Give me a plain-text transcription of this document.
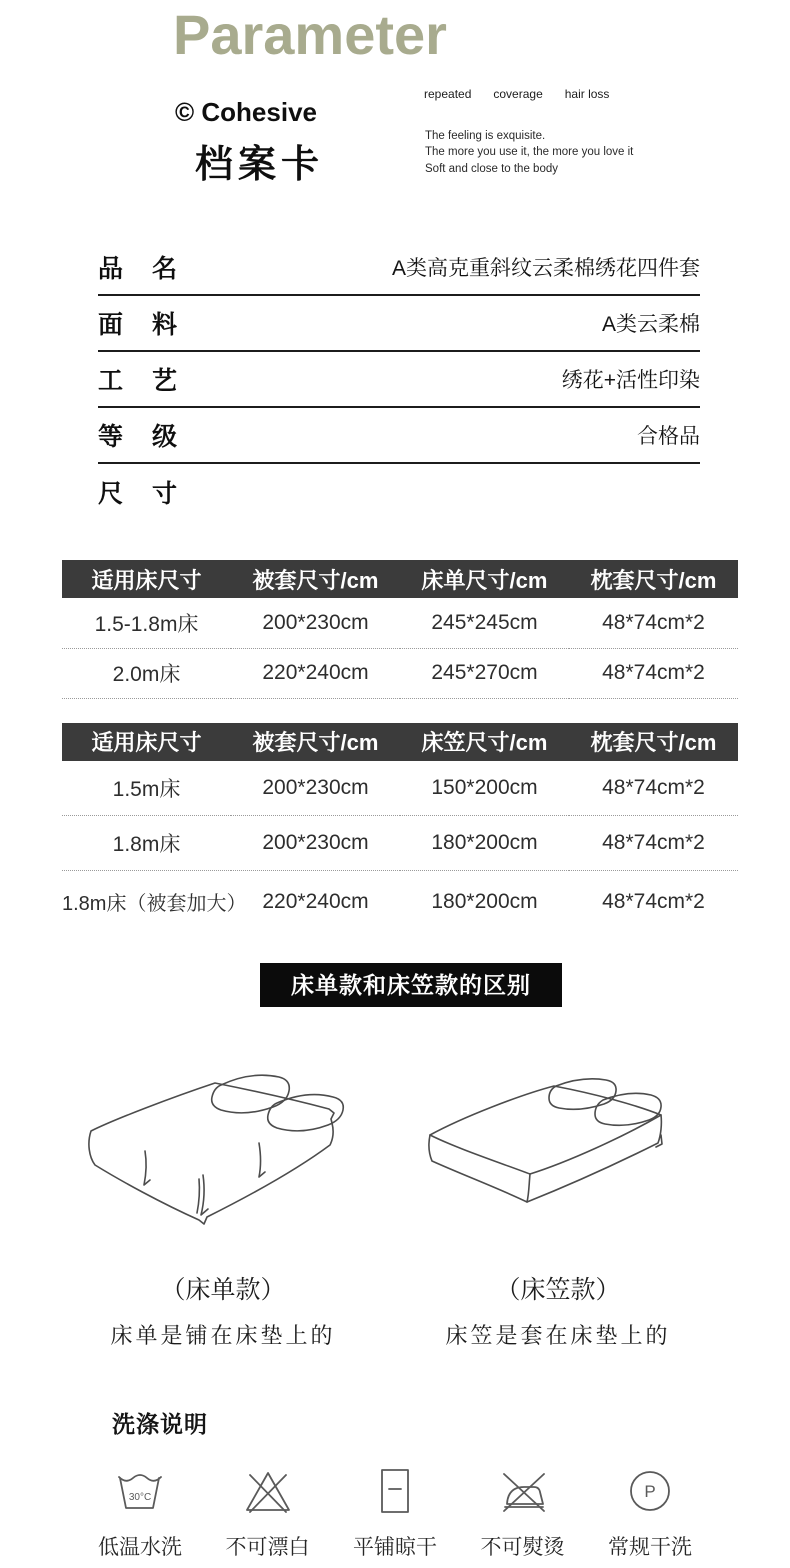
Parameter
© Cohesive
档案卡
repeated coverage hair loss
The feeling is exquisite.
The more you use it, the more you love it
Soft and close to the body
品 名	A类高克重斜纹云柔棉绣花四件套
面 料	A类云柔棉
工 艺	绣花+活性印染
等 级	合格品
尺 寸
适用床尺寸	被套尺寸/cm	床单尺寸/cm	枕套尺寸/cm
1.5-1.8m床	200*230cm	245*245cm	48*74cm*2
2.0m床	220*240cm	245*270cm	48*74cm*2
适用床尺寸	被套尺寸/cm	床笠尺寸/cm	枕套尺寸/cm
1.5m床	200*230cm	150*200cm	48*74cm*2
1.8m床	200*230cm	180*200cm	48*74cm*2
1.8m床（被套加大）	220*240cm	180*200cm	48*74cm*2
床单款和床笠款的区别
（床单款）
床单是铺在床垫上的
（床笠款）
床笠是套在床垫上的
洗涤说明
30°C
低温水洗 不可漂白 平铺晾干 不可熨烫
P
常规干洗
